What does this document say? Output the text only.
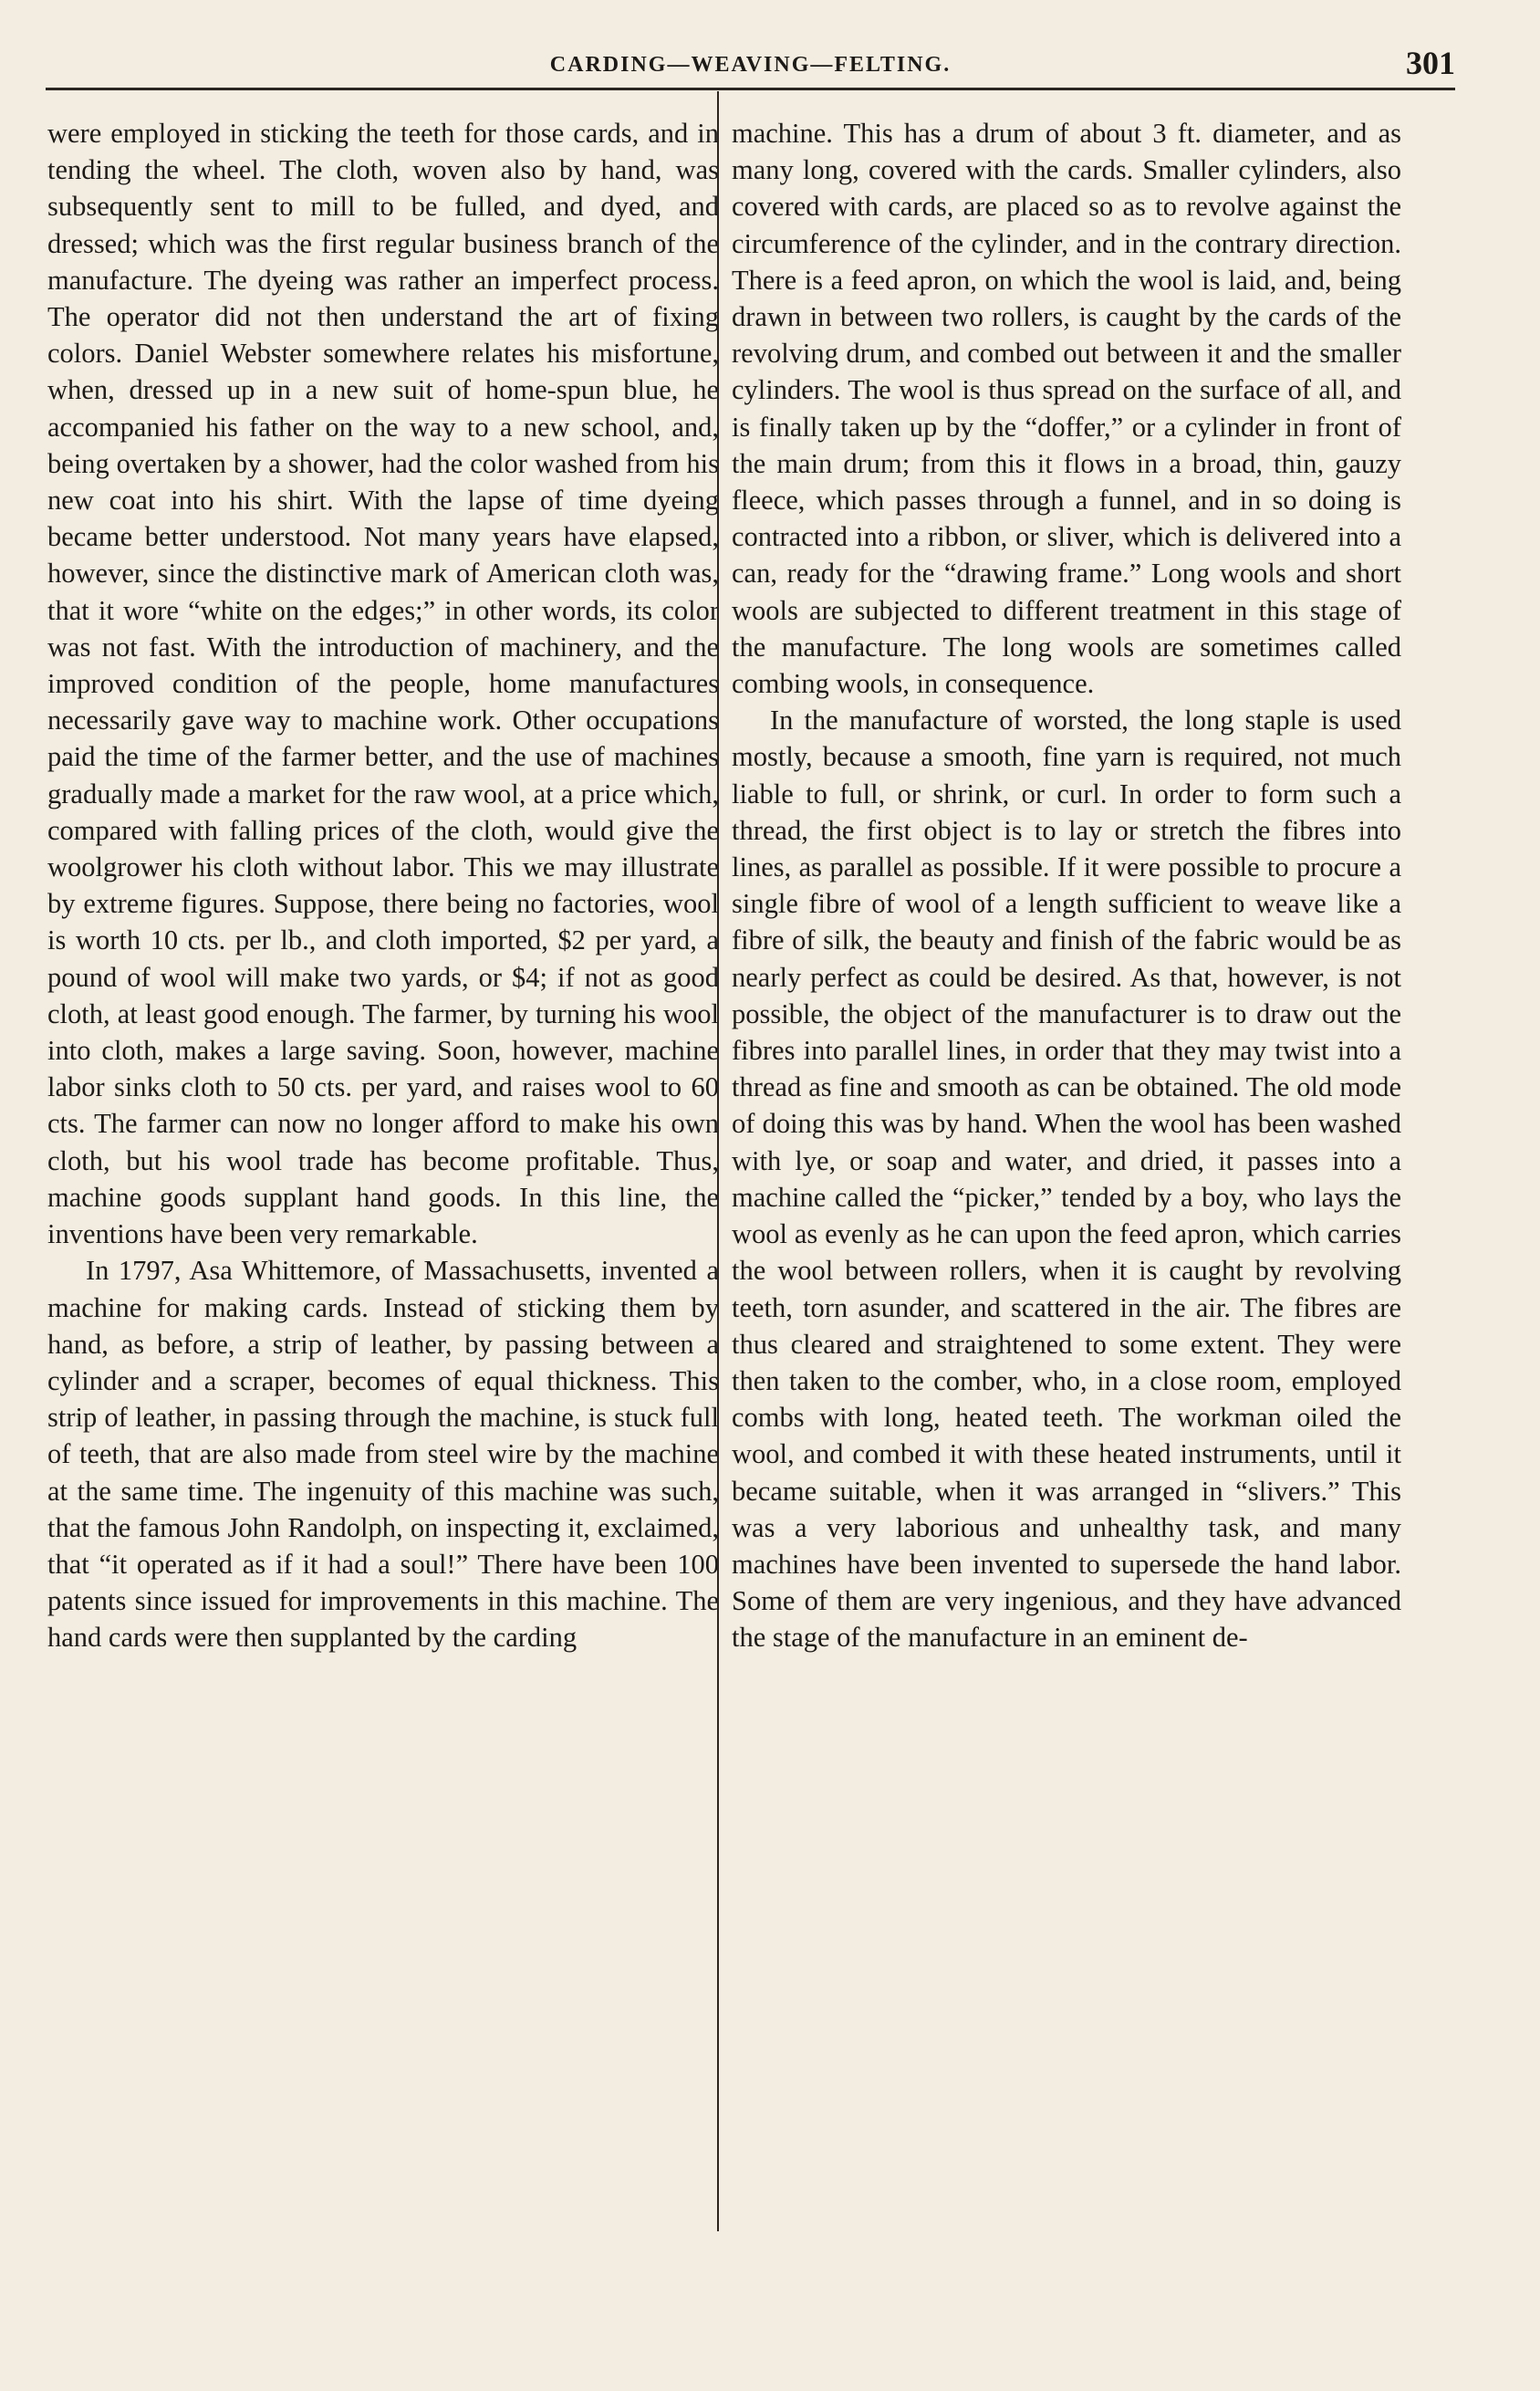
CARDING—WEAVING—FELTING.	301

were employed in sticking the teeth for those cards, and in tending the wheel. The cloth, woven also by hand, was subsequently sent to mill to be fulled, and dyed, and dressed; which was the first regular business branch of the manufacture. The dyeing was rather an imperfect process. The operator did not then understand the art of fixing colors. Daniel Webster somewhere relates his misfortune, when, dressed up in a new suit of home-spun blue, he accompanied his father on the way to a new school, and, being overtaken by a shower, had the color washed from his new coat into his shirt. With the lapse of time dyeing became better understood. Not many years have elapsed, however, since the distinctive mark of American cloth was, that it wore “white on the edges;” in other words, its color was not fast. With the introduction of machinery, and the improved condition of the people, home manufactures necessarily gave way to machine work. Other occupations paid the time of the farmer better, and the use of machines gradually made a market for the raw wool, at a price which, compared with falling prices of the cloth, would give the woolgrower his cloth without labor. This we may illustrate by extreme figures. Suppose, there being no factories, wool is worth 10 cts. per lb., and cloth imported, $2 per yard, a pound of wool will make two yards, or $4; if not as good cloth, at least good enough. The farmer, by turning his wool into cloth, makes a large saving. Soon, however, machine labor sinks cloth to 50 cts. per yard, and raises wool to 60 cts. The farmer can now no longer afford to make his own cloth, but his wool trade has become profitable. Thus, machine goods supplant hand goods. In this line, the inventions have been very remarkable.

In 1797, Asa Whittemore, of Massachusetts, invented a machine for making cards. Instead of sticking them by hand, as before, a strip of leather, by passing between a cylinder and a scraper, becomes of equal thickness. This strip of leather, in passing through the machine, is stuck full of teeth, that are also made from steel wire by the machine at the same time. The ingenuity of this machine was such, that the famous John Randolph, on inspecting it, exclaimed, that “it operated as if it had a soul!” There have been 100 patents since issued for improvements in this machine. The hand cards were then supplanted by the carding

machine. This has a drum of about 3 ft. diameter, and as many long, covered with the cards. Smaller cylinders, also covered with cards, are placed so as to revolve against the circumference of the cylinder, and in the contrary direction. There is a feed apron, on which the wool is laid, and, being drawn in between two rollers, is caught by the cards of the revolving drum, and combed out between it and the smaller cylinders. The wool is thus spread on the surface of all, and is finally taken up by the “doffer,” or a cylinder in front of the main drum; from this it flows in a broad, thin, gauzy fleece, which passes through a funnel, and in so doing is contracted into a ribbon, or sliver, which is delivered into a can, ready for the “drawing frame.” Long wools and short wools are subjected to different treatment in this stage of the manufacture. The long wools are sometimes called combing wools, in consequence.

In the manufacture of worsted, the long staple is used mostly, because a smooth, fine yarn is required, not much liable to full, or shrink, or curl. In order to form such a thread, the first object is to lay or stretch the fibres into lines, as parallel as possible. If it were possible to procure a single fibre of wool of a length sufficient to weave like a fibre of silk, the beauty and finish of the fabric would be as nearly perfect as could be desired. As that, however, is not possible, the object of the manufacturer is to draw out the fibres into parallel lines, in order that they may twist into a thread as fine and smooth as can be obtained. The old mode of doing this was by hand. When the wool has been washed with lye, or soap and water, and dried, it passes into a machine called the “picker,” tended by a boy, who lays the wool as evenly as he can upon the feed apron, which carries the wool between rollers, when it is caught by revolving teeth, torn asunder, and scattered in the air. The fibres are thus cleared and straightened to some extent. They were then taken to the comber, who, in a close room, employed combs with long, heated teeth. The workman oiled the wool, and combed it with these heated instruments, until it became suitable, when it was arranged in “slivers.” This was a very laborious and unhealthy task, and many machines have been invented to supersede the hand labor. Some of them are very ingenious, and they have advanced the stage of the manufacture in an eminent de-
